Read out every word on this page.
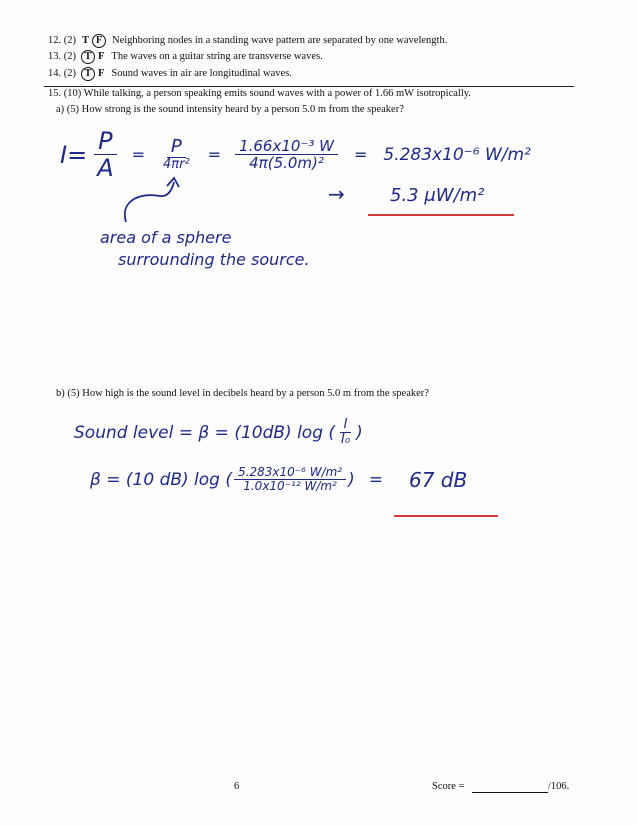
12. (2) T F Neighboring nodes in a standing wave pattern are separated by one wavelength.
13. (2) T F The waves on a guitar string are transverse waves.
14. (2) T F Sound waves in air are longitudinal waves.
15. (10) While talking, a person speaking emits sound waves with a power of 1.66 mW isotropically.
a) (5) How strong is the sound intensity heard by a person 5.0 m from the speaker?
$I= \frac{P}{A} = \frac{P}{\text{4πr²}} = \frac{\text{1.66x10⁻³ W}}{\text{4π(5.0m)²}} = 5.283x10^{-6}$ W/m²
→	5.3 μW/m²
area of a sphere
surrounding the source.
b) (5) How high is the sound level in decibels heard by a person 5.0 m from the speaker?
Sound level = β = (10dB) log ( $\frac{I}{\text{I₀}}$ )
β = (10 dB) log ( $\frac{\text{5.283x10⁻⁶ W/m²}}{\text{1.0x10⁻¹² W/m²}}$ ) = 67 dB
6	Score =	/106.
